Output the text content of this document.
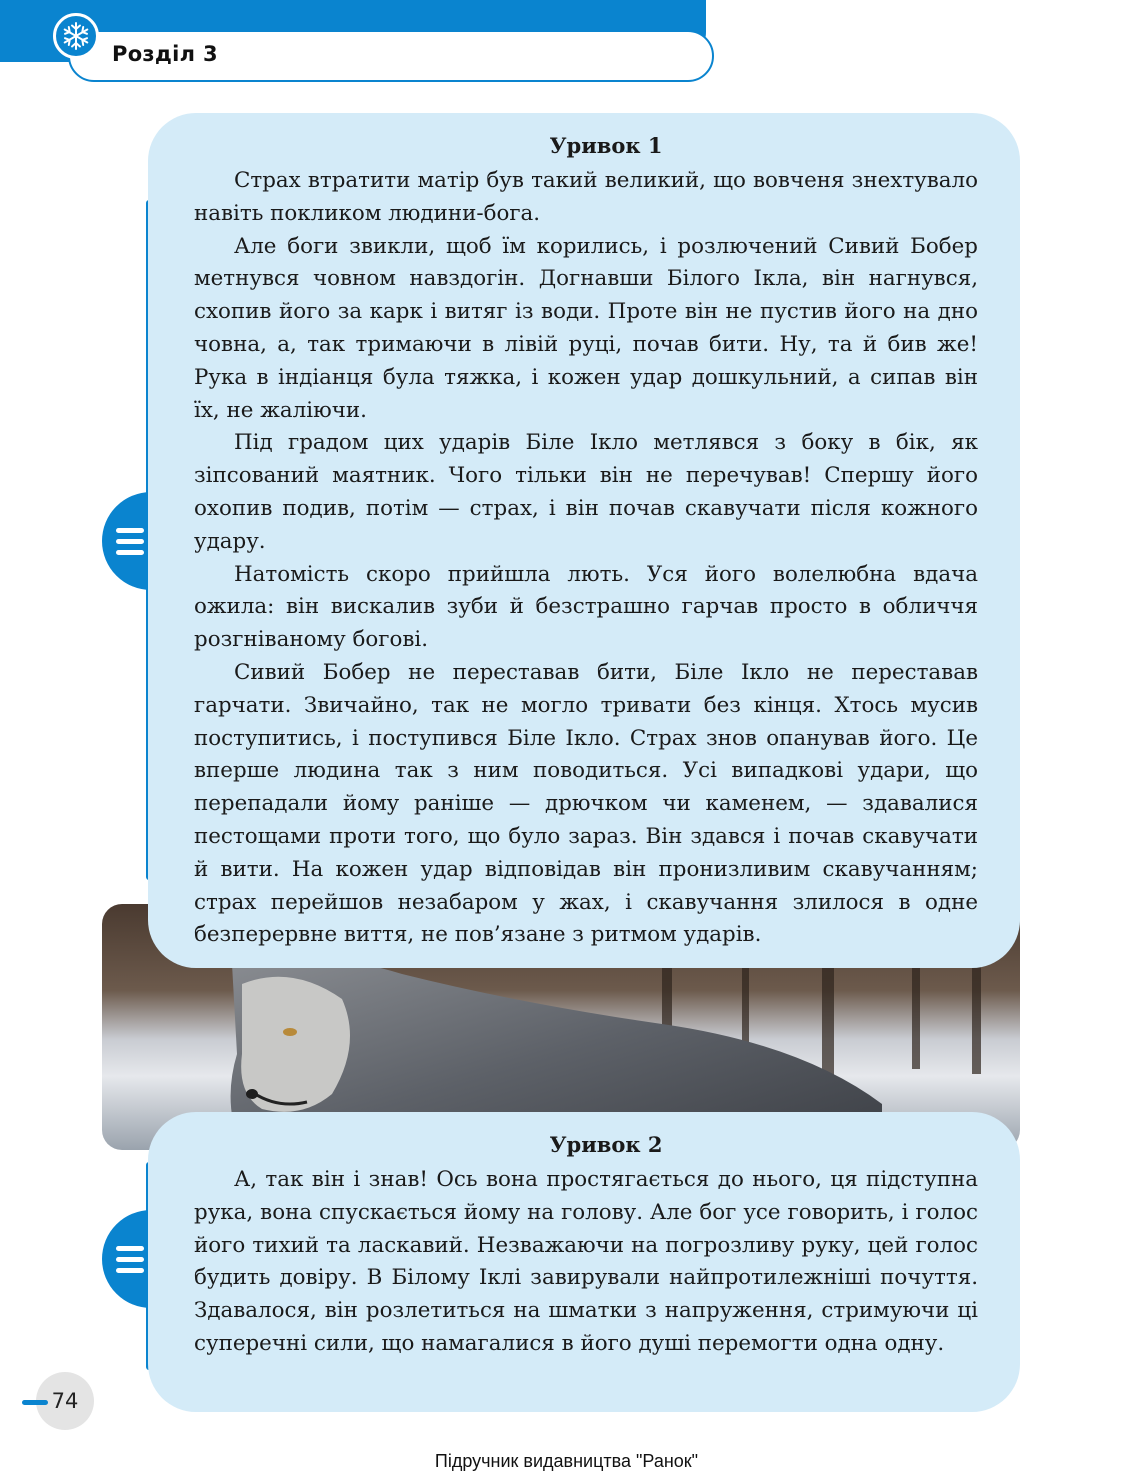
Розділ 3
Уривок 1

Страх втратити матір був такий великий, що вовченя знехтувало навіть покликом людини-бога.

Але боги звикли, щоб їм корились, і розлючений Сивий Бобер метнувся човном навздогін. Догнавши Білого Ікла, він нагнувся, схопив його за карк і витяг із води. Проте він не пустив його на дно човна, а, так тримаючи в лівій руці, почав бити. Ну, та й бив же! Рука в індіанця була тяжка, і кожен удар дошкульний, а сипав він їх, не жаліючи.

Під градом цих ударів Біле Ікло метлявся з боку в бік, як зіпсований маятник. Чого тільки він не перечував! Спершу його охопив подив, потім — страх, і він почав скавучати після кожного удару.

Натомість скоро прийшла лють. Уся його волелюбна вдача ожила: він вискалив зуби й безстрашно гарчав просто в обличчя розгніваному богові.

Сивий Бобер не переставав бити, Біле Ікло не переставав гарчати. Звичайно, так не могло тривати без кінця. Хтось мусив поступитись, і поступився Біле Ікло. Страх знов опанував його. Це вперше людина так з ним поводиться. Усі випадкові удари, що перепадали йому раніше — дрючком чи каменем, — здавалися пестощами проти того, що було зараз. Він здався і почав скавучати й вити. На кожен удар відповідав він пронизливим скавучанням; страх перейшов незабаром у жах, і скавучання злилося в одне безперервне виття, не пов’язане з ритмом ударів.

Уривок 2

А, так він і знав! Ось вона простягається до нього, ця підступна рука, вона спускається йому на голову. Але бог усе говорить, і голос його тихий та ласкавий. Незважаючи на погрозливу руку, цей голос будить довіру. В Білому Іклі завирували найпротилежніші почуття. Здавалося, він розлетиться на шматки з напруження, стримуючи ці суперечні сили, що намагалися в його душі перемогти одна одну.

74
Підручник видавництва "Ранок"
